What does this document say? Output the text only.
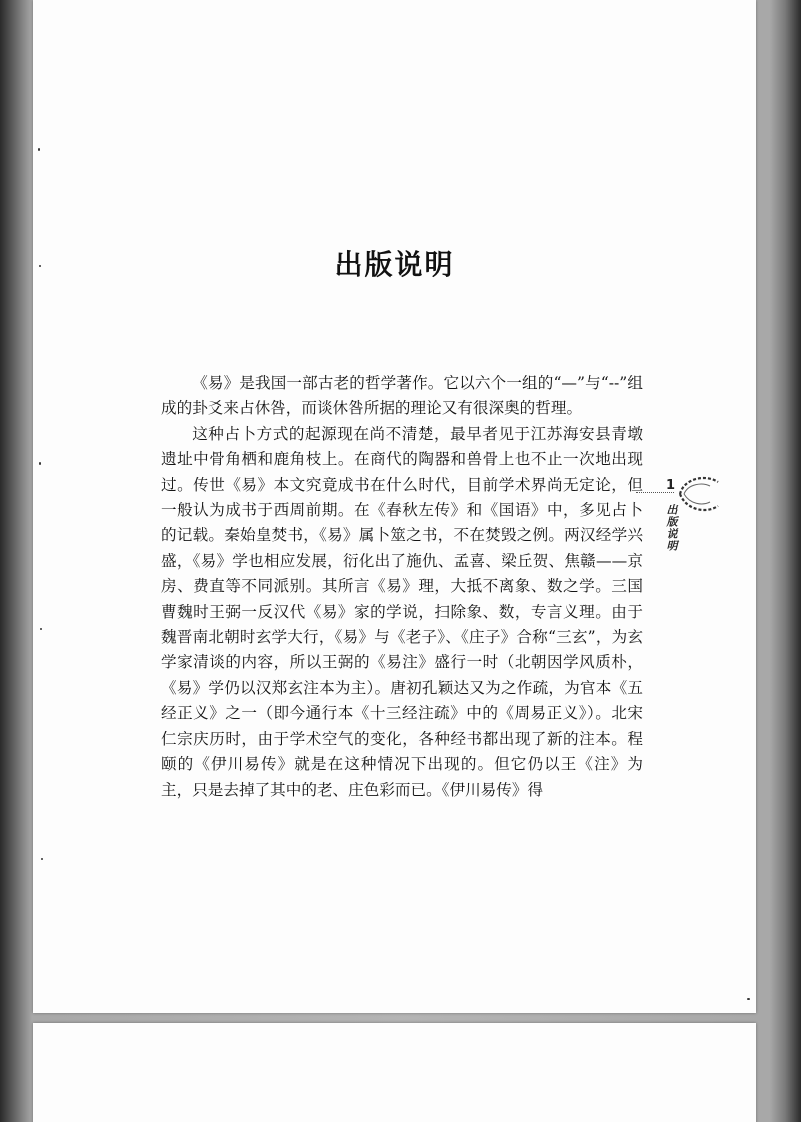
出版说明

《易》是我国一部古老的哲学著作。它以六个一组的“—”与“--”组成的卦爻来占休咎，而谈休咎所据的理论又有很深奥的哲理。

这种占卜方式的起源现在尚不清楚，最早者见于江苏海安县青墩遗址中骨角栖和鹿角枝上。在商代的陶器和兽骨上也不止一次地出现过。传世《易》本文究竟成书在什么时代，目前学术界尚无定论，但一般认为成书于西周前期。在《春秋左传》和《国语》中，多见占卜的记载。秦始皇焚书，《易》属卜筮之书，不在焚毁之例。两汉经学兴盛，《易》学也相应发展，衍化出了施仇、孟喜、梁丘贺、焦赣——京房、费直等不同派别。其所言《易》理，大抵不离象、数之学。三国曹魏时王弼一反汉代《易》家的学说，扫除象、数，专言义理。由于魏晋南北朝时玄学大行，《易》与《老子》、《庄子》合称“三玄”，为玄学家清谈的内容，所以王弼的《易注》盛行一时（北朝因学风质朴，《易》学仍以汉郑玄注本为主）。唐初孔颖达又为之作疏，为官本《五经正义》之一（即今通行本《十三经注疏》中的《周易正义》）。北宋仁宗庆历时，由于学术空气的变化，各种经书都出现了新的注本。程颐的《伊川易传》就是在这种情况下出现的。但它仍以王《注》为主，只是去掉了其中的老、庄色彩而已。《伊川易传》得

1
出版说明
